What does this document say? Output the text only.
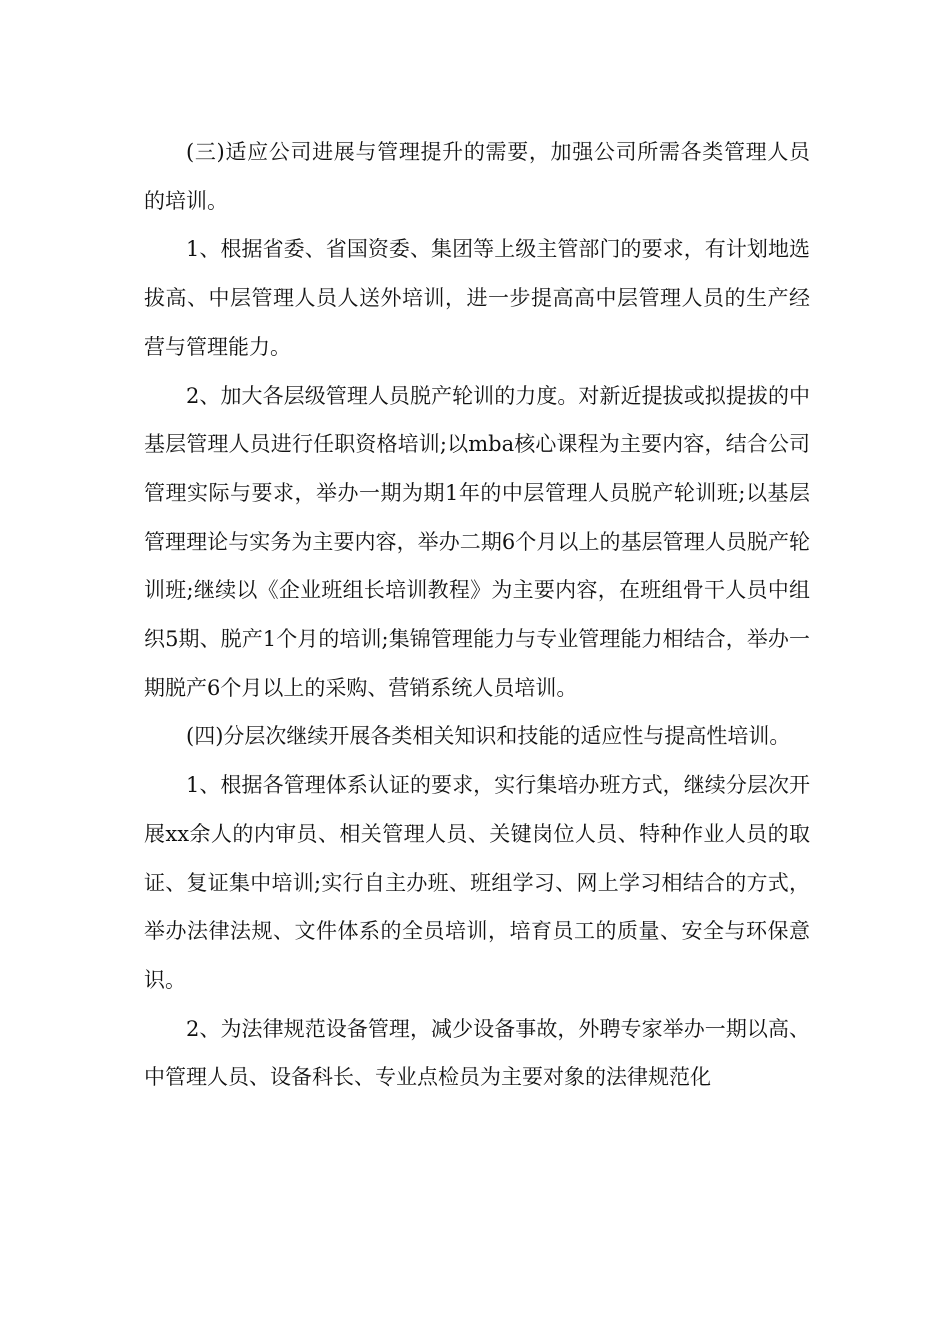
(三)适应公司进展与管理提升的需要，加强公司所需各类管理人员的培训。

1、根据省委、省国资委、集团等上级主管部门的要求，有计划地选拔高、中层管理人员人送外培训，进一步提高高中层管理人员的生产经营与管理能力。

2、加大各层级管理人员脱产轮训的力度。对新近提拔或拟提拔的中基层管理人员进行任职资格培训;以mba核心课程为主要内容，结合公司管理实际与要求，举办一期为期1年的中层管理人员脱产轮训班;以基层管理理论与实务为主要内容，举办二期6个月以上的基层管理人员脱产轮训班;继续以《企业班组长培训教程》为主要内容，在班组骨干人员中组织5期、脱产1个月的培训;集锦管理能力与专业管理能力相结合，举办一期脱产6个月以上的采购、营销系统人员培训。

(四)分层次继续开展各类相关知识和技能的适应性与提高性培训。

1、根据各管理体系认证的要求，实行集培办班方式，继续分层次开展xx余人的内审员、相关管理人员、关键岗位人员、特种作业人员的取证、复证集中培训;实行自主办班、班组学习、网上学习相结合的方式，举办法律法规、文件体系的全员培训，培育员工的质量、安全与环保意识。

2、为法律规范设备管理，减少设备事故，外聘专家举办一期以高、中管理人员、设备科长、专业点检员为主要对象的法律规范化
